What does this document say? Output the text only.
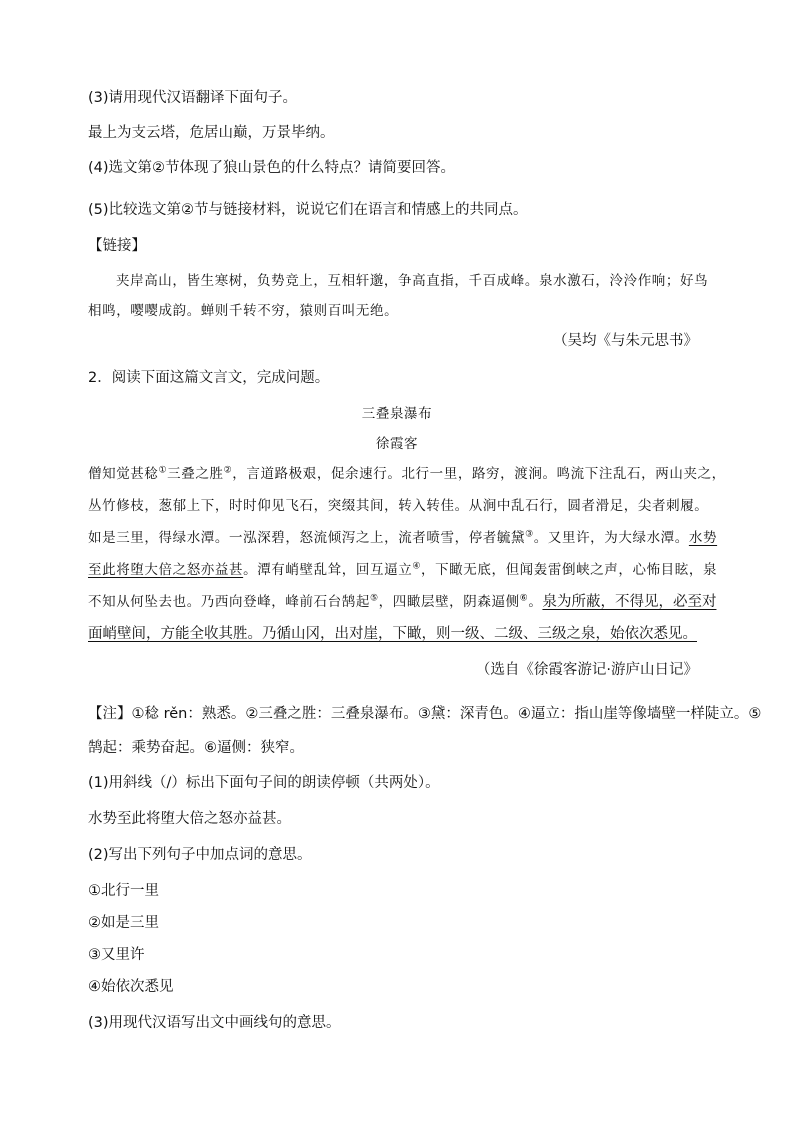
(3)请用现代汉语翻译下面句子。
最上为支云塔，危居山巅，万景毕纳。
(4)选文第②节体现了狼山景色的什么特点？请简要回答。
(5)比较选文第②节与链接材料，说说它们在语言和情感上的共同点。
【链接】
夹岸高山，皆生寒树，负势竞上，互相轩邈，争高直指，千百成峰。泉水激石，泠泠作响；好鸟
相鸣，嘤嘤成韵。蝉则千转不穷，猿则百叫无绝。
（吴均《与朱元思书》
2．阅读下面这篇文言文，完成问题。
三叠泉瀑布
徐霞客
僧知觉甚稔①三叠之胜②，言道路极艰，促余速行。北行一里，路穷，渡涧。鸣流下注乱石，两山夹之，
丛竹修枝，葱郁上下，时时仰见飞石，突缀其间，转入转佳。从涧中乱石行，圆者滑足，尖者刺履。
如是三里，得绿水潭。一泓深碧，怒流倾泻之上，流者喷雪，停者毓黛③。又里许，为大绿水潭。水势
至此将堕大倍之怒亦益甚。潭有峭壁乱耸，回互逼立④，下瞰无底，但闻轰雷倒峡之声，心怖目眩，泉
不知从何坠去也。乃西向登峰，峰前石台鹄起⑤，四瞰层壁，阴森逼侧⑥。泉为所蔽，不得见，必至对
面峭壁间，方能全收其胜。乃循山冈，出对崖，下瞰，则一级、二级、三级之泉，始依次悉见。
（选自《徐霞客游记·游庐山日记》
【注】①稔 rěn：熟悉。②三叠之胜：三叠泉瀑布。③黛：深青色。④逼立：指山崖等像墙壁一样陡立。⑤
鹄起：乘势奋起。⑥逼侧：狭窄。
(1)用斜线（/）标出下面句子间的朗读停顿（共两处）。
水势至此将堕大倍之怒亦益甚。
(2)写出下列句子中加点词的意思。
①北行一里
②如是三里
③又里许
④始依次悉见
(3)用现代汉语写出文中画线句的意思。
